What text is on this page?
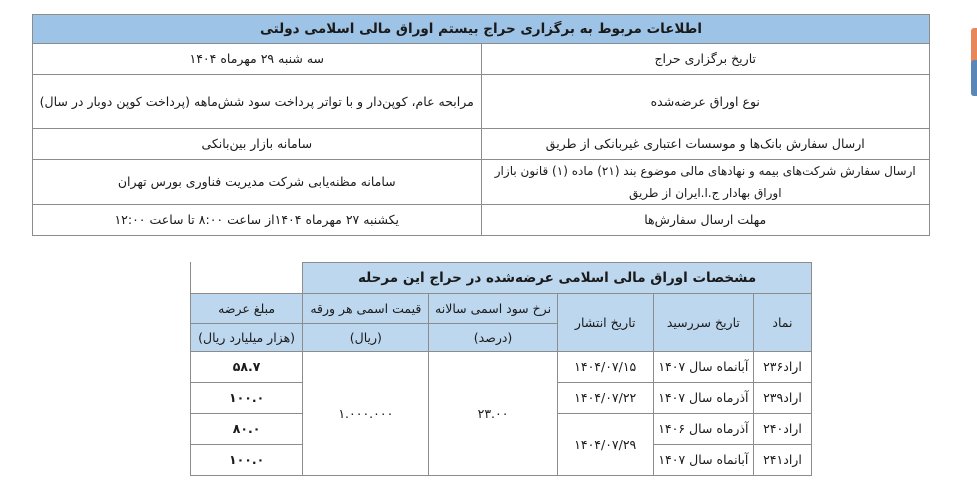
اطلاعات مربوط به برگزاری حراج بیستم اوراق مالی اسلامی دولتی	
تاریخ برگزاری حراج	سه شنبه ۲۹ مهرماه ۱۴۰۴
نوع اوراق عرضه‌شده	مرابحه عام، کوپن‌دار و با تواتر پرداخت سود شش‌ماهه (پرداخت کوپن دوبار در سال)
ارسال سفارش بانک‌ها و موسسات اعتباری غیربانکی از طریق	سامانه بازار بین‌بانکی
ارسال سفارش شرکت‌های بیمه و نهادهای مالی موضوع بند (۲۱) ماده (۱) قانون بازار اوراق بهادار ج.ا.ایران از طریق	سامانه مظنه‌یابی شرکت مدیریت فناوری بورس تهران
مهلت ارسال سفارش‌ها	یکشنبه ۲۷ مهرماه ۱۴۰۴از ساعت ۸:۰۰ تا ساعت ۱۲:۰۰
مشخصات اوراق مالی اسلامی عرضه‌شده در حراج این مرحله					
نماد	تاریخ سررسید	تاریخ انتشار	نرخ سود اسمی سالانه	قیمت اسمی هر ورقه	مبلغ عرضه
			(درصد)	(ریال)	(هزار میلیارد ریال)
اراد۲۳۶	آبانماه سال ۱۴۰۷	۱۴۰۴/۰۷/۱۵	۲۳.۰۰	۱.۰۰۰.۰۰۰	۵۸.۷
اراد۲۳۹	آذرماه سال ۱۴۰۷	۱۴۰۴/۰۷/۲۲			۱۰۰.۰
اراد۲۴۰	آذرماه سال ۱۴۰۶	۱۴۰۴/۰۷/۲۹			۸۰.۰
اراد۲۴۱	آبانماه سال ۱۴۰۷				۱۰۰.۰
